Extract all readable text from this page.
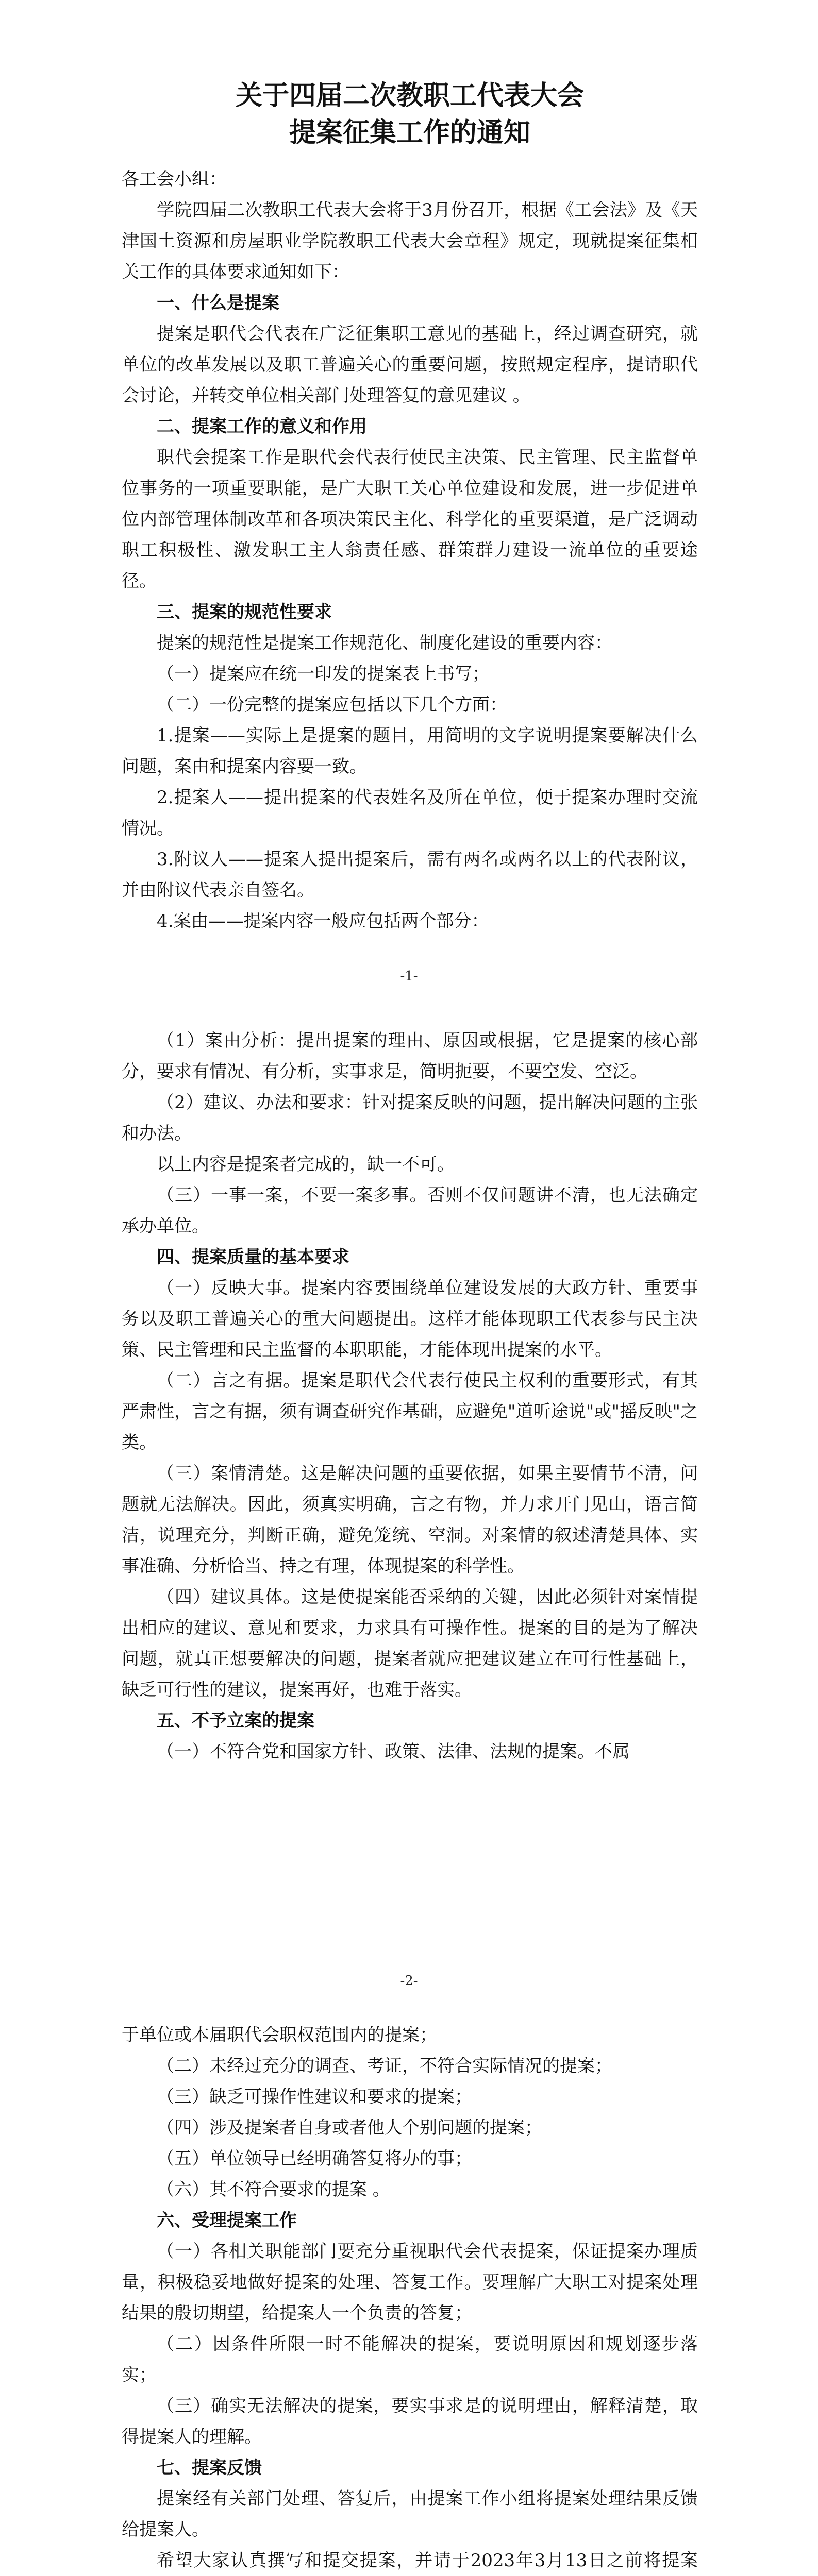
关于四届二次教职工代表大会
提案征集工作的通知
各工会小组：

学院四届二次教职工代表大会将于3月份召开，根据《工会法》及《天津国土资源和房屋职业学院教职工代表大会章程》规定，现就提案征集相关工作的具体要求通知如下：

一、什么是提案

提案是职代会代表在广泛征集职工意见的基础上，经过调查研究，就单位的改革发展以及职工普遍关心的重要问题，按照规定程序，提请职代会讨论，并转交单位相关部门处理答复的意见建议 。

二、提案工作的意义和作用

职代会提案工作是职代会代表行使民主决策、民主管理、民主监督单位事务的一项重要职能，是广大职工关心单位建设和发展，进一步促进单位内部管理体制改革和各项决策民主化、科学化的重要渠道，是广泛调动职工积极性、激发职工主人翁责任感、群策群力建设一流单位的重要途径。

三、提案的规范性要求

提案的规范性是提案工作规范化、制度化建设的重要内容：

（一）提案应在统一印发的提案表上书写；

（二）一份完整的提案应包括以下几个方面：

1.提案——实际上是提案的题目，用简明的文字说明提案要解决什么问题，案由和提案内容要一致。

2.提案人——提出提案的代表姓名及所在单位，便于提案办理时交流情况。

3.附议人——提案人提出提案后，需有两名或两名以上的代表附议，并由附议代表亲自签名。

4.案由——提案内容一般应包括两个部分：

-1-

（1）案由分析：提出提案的理由、原因或根据，它是提案的核心部分，要求有情况、有分析，实事求是，简明扼要，不要空发、空泛。

（2）建议、办法和要求：针对提案反映的问题，提出解决问题的主张和办法。

以上内容是提案者完成的，缺一不可。

（三）一事一案，不要一案多事。否则不仅问题讲不清，也无法确定承办单位。

四、提案质量的基本要求

（一）反映大事。提案内容要围绕单位建设发展的大政方针、重要事务以及职工普遍关心的重大问题提出。这样才能体现职工代表参与民主决策、民主管理和民主监督的本职职能，才能体现出提案的水平。

（二）言之有据。提案是职代会代表行使民主权利的重要形式，有其严肃性，言之有据，须有调查研究作基础，应避免"道听途说"或"摇反映"之类。

（三）案情清楚。这是解决问题的重要依据，如果主要情节不清，问题就无法解决。因此，须真实明确，言之有物，并力求开门见山，语言简洁，说理充分，判断正确，避免笼统、空洞。对案情的叙述清楚具体、实事准确、分析恰当、持之有理，体现提案的科学性。

（四）建议具体。这是使提案能否采纳的关键，因此必须针对案情提出相应的建议、意见和要求，力求具有可操作性。提案的目的是为了解决问题，就真正想要解决的问题，提案者就应把建议建立在可行性基础上，缺乏可行性的建议，提案再好，也难于落实。

五、不予立案的提案

（一）不符合党和国家方针、政策、法律、法规的提案。不属

-2-

于单位或本届职代会职权范围内的提案；

（二）未经过充分的调查、考证，不符合实际情况的提案；

（三）缺乏可操作性建议和要求的提案；

（四）涉及提案者自身或者他人个别问题的提案；

（五）单位领导已经明确答复将办的事；

（六）其不符合要求的提案 。

六、受理提案工作

（一）各相关职能部门要充分重视职代会代表提案，保证提案办理质量，积极稳妥地做好提案的处理、答复工作。要理解广大职工对提案处理结果的殷切期望，给提案人一个负责的答复；

（二）因条件所限一时不能解决的提案，要说明原因和规划逐步落实；

（三）确实无法解决的提案，要实事求是的说明理由，解释清楚，取得提案人的理解。

七、提案反馈

提案经有关部门处理、答复后，由提案工作小组将提案处理结果反馈给提案人。

希望大家认真撰写和提交提案，并请于2023年3月13日之前将提案
